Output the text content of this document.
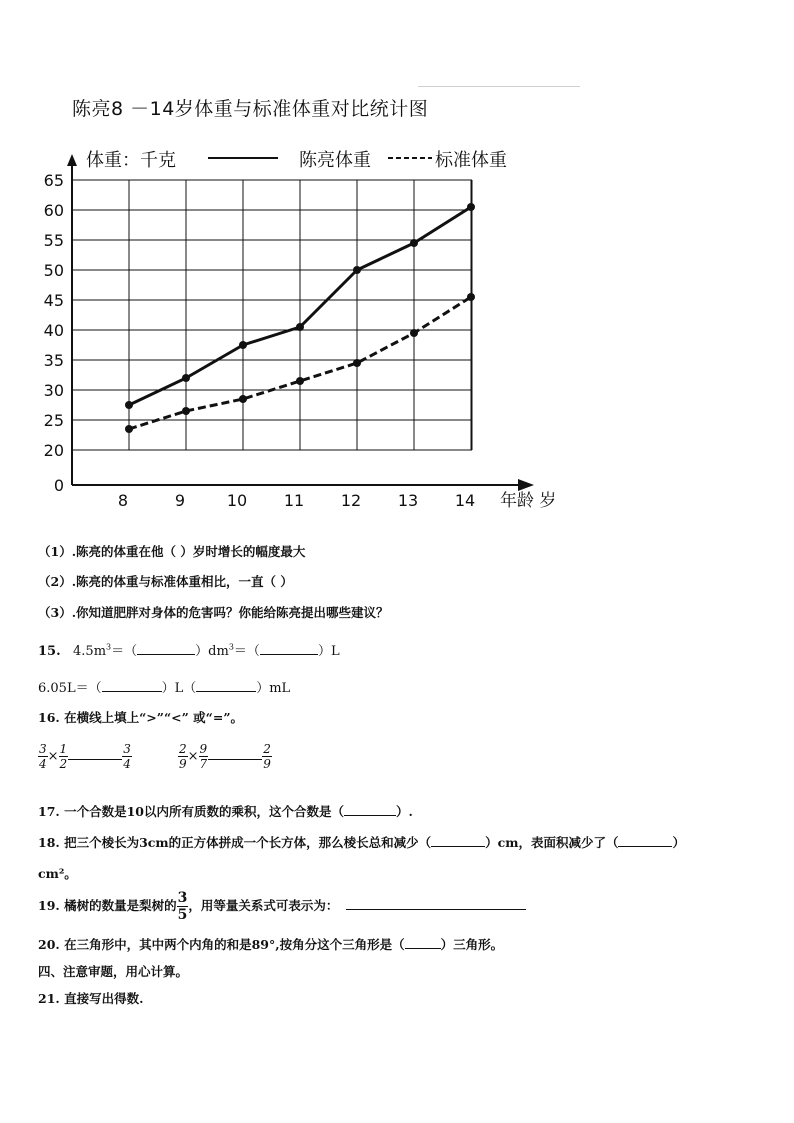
陈亮8 －14岁体重与标准体重对比统计图
体重：千克	陈亮体重	标准体重
20
25
30
35
40
45
50
55
60
65
0
8	9	10 11 12 13 14 年龄 岁
（1）.陈亮的体重在他（ ）岁时增长的幅度最大
（2）.陈亮的体重与标准体重相比，一直（ ）
（3）.你知道肥胖对身体的危害吗？你能给陈亮提出哪些建议？
15. $4.5m^3=$（	）$dm^3=$（	）L
6.05L＝（	）L（	）mL
16. 在横线上填上“>”“<” 或“=”。
$\frac{3}{4} \times \frac{1}{2}$	$\frac{3}{4}$	$\frac{2}{9} \times \frac{9}{7}$	$\frac{2}{9}$
17. 一个合数是10以内所有质数的乘积，这个合数是（	）.
18. 把三个棱长为3cm的正方体拼成一个长方体，那么棱长总和减少（	）cm，表面积减少了（	）
cm²。
19. 橘树的数量是梨树的 $\frac{3}{5}$ ，用等量关系式可表示为：
20. 在三角形中，其中两个内角的和是89°,按角分这个三角形是（	）三角形。
四、注意审题，用心计算。
21. 直接写出得数.
